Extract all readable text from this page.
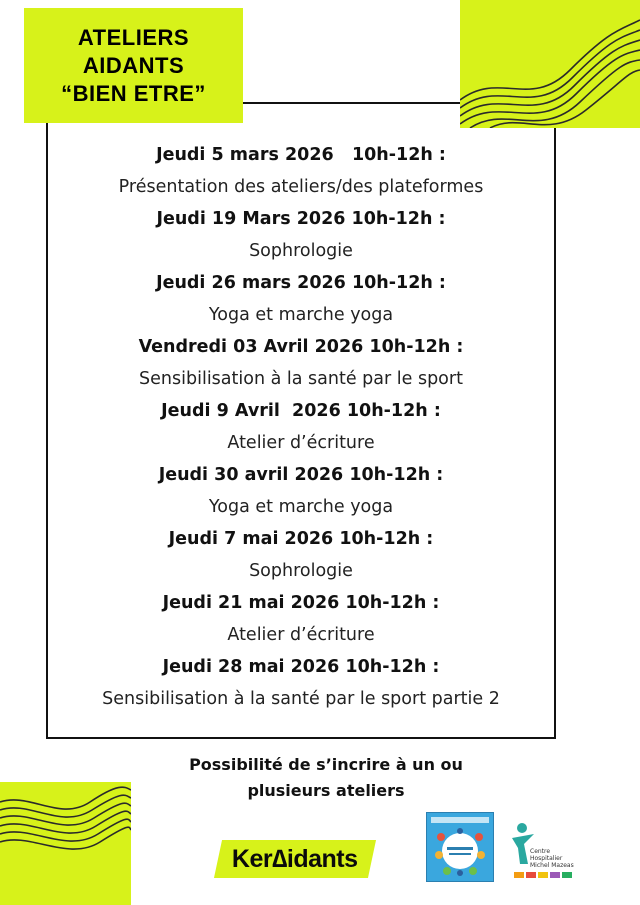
ATELIERS
AIDANTS
“BIEN ETRE”
Jeudi 5 mars 2026   10h-12h :
Présentation des ateliers/des plateformes
Jeudi 19 Mars 2026 10h-12h :
Sophrologie
Jeudi 26 mars 2026 10h-12h :
Yoga et marche yoga
Vendredi 03 Avril 2026 10h-12h :
Sensibilisation à la santé par le sport
Jeudi 9 Avril  2026 10h-12h :
Atelier d’écriture
Jeudi 30 avril 2026 10h-12h :
Yoga et marche yoga
Jeudi 7 mai 2026 10h-12h :
Sophrologie
Jeudi 21 mai 2026 10h-12h :
Atelier d’écriture
Jeudi 28 mai 2026 10h-12h :
Sensibilisation à la santé par le sport partie 2
Possibilité de s’incrire à un ou
plusieurs ateliers
Ker∆idants	Centre Hospitalier
Michel Mazeas
